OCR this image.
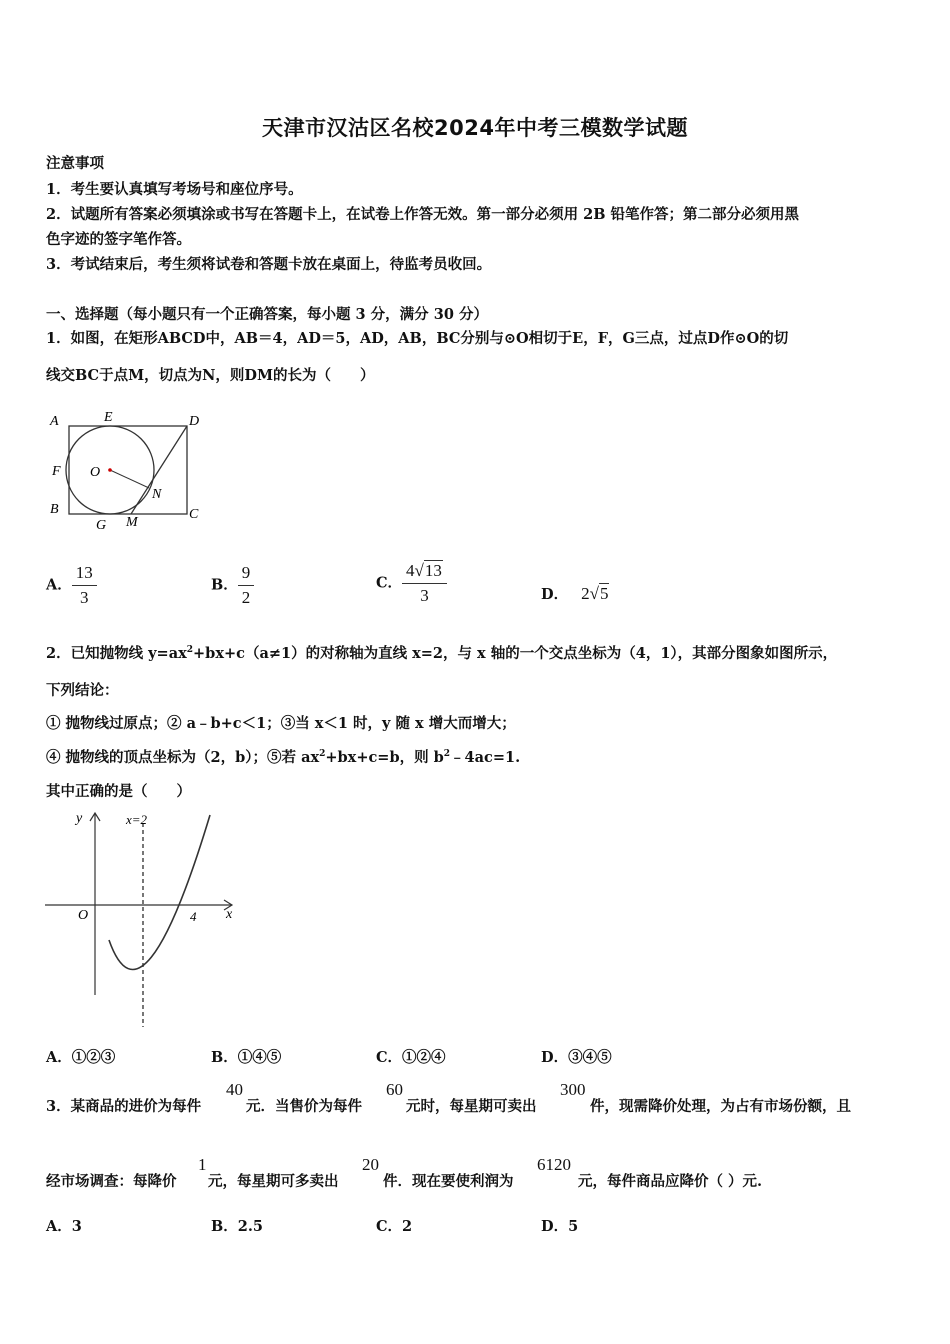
天津市汉沽区名校2024年中考三模数学试题
注意事项
1．考生要认真填写考场号和座位序号。
2．试题所有答案必须填涂或书写在答题卡上，在试卷上作答无效。第一部分必须用 2B 铅笔作答；第二部分必须用黑
色字迹的签字笔作答。
3．考试结束后，考生须将试卷和答题卡放在桌面上，待监考员收回。
一、选择题（每小题只有一个正确答案，每小题 3 分，满分 30 分）
1．如图，在矩形ABCD中，AB＝4，AD＝5，AD，AB，BC分别与⊙O相切于E，F，G三点，过点D作⊙O的切
线交BC于点M，切点为N，则DM的长为（　　）
A	E	D
F O
N
B
G M
C
A． $\frac{13}{3}$	B． $\frac{9}{2}$	C． $\frac{4√13}{3}$	D． 2√5
2．已知抛物线 $y=ax^2+bx+c(a\ne 1)$的对称轴为直线 x=2，与 x 轴的一个交点坐标为（4，1），其部分图象如图所示，
下列结论：
① 抛物线过原点；② a﹣b+c＜1；③当 x＜1 时，y 随 x 增大而增大；
④ 抛物线的顶点坐标为（2，b）；⑤若 $ax^2+bx+c=b$，则 $b^2﹣4ac=1$.
其中正确的是（　　）
y	x=2
x
O	4
A．①②③	B．①④⑤	C．①②④	D．③④⑤
3．某商品的进价为每件
40
元．当售价为每件
60
元时，每星期可卖出
300
件，现需降价处理，为占有市场份额，且
经市场调查：每降价
1
元，每星期可多卖出
20
件．现在要使利润为
6120
元，每件商品应降价（ ）元.
A．3	B．2.5	C．2	D．5
